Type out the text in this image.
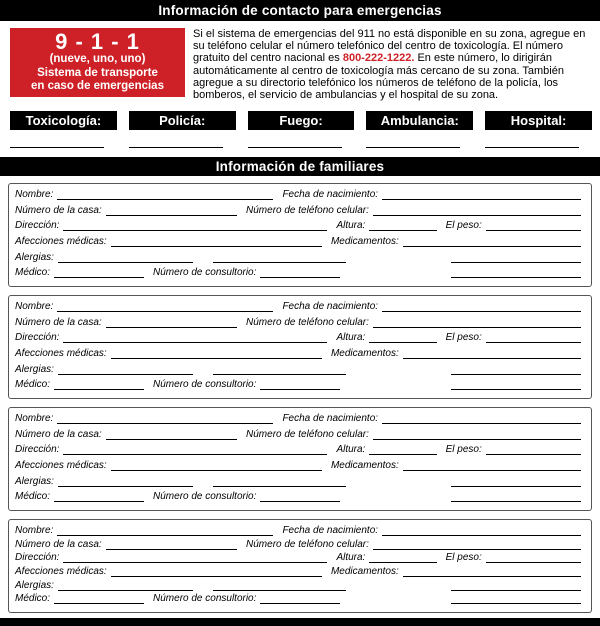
Información de contacto para emergencias
9 - 1 - 1
(nueve, uno, uno)
Sistema de transporte
en caso de emergencias

Si el sistema de emergencias del 911 no está disponible en su zona, agregue en su teléfono celular el número telefónico del centro de toxicología. El número gratuito del centro nacional es 800-222-1222. En este número, lo dirigirán automáticamente al centro de toxicología más cercano de su zona. También agregue a su directorio telefónico los números de teléfono de la policía, los bomberos, el servicio de ambulancias y el hospital de su zona.

Toxicología:	Policía:	Fuego:	Ambulancia:	Hospital:
Información de familiares
Nombre:	Fecha de nacimiento:
Número de la casa:	Número de teléfono celular:
Dirección:	Altura:	El peso:
Afecciones médicas:	Medicamentos:
Alergias:
Médico:	Número de consultorio:
Nombre:	Fecha de nacimiento:
Número de la casa:	Número de teléfono celular:
Dirección:	Altura:	El peso:
Afecciones médicas:	Medicamentos:
Alergias:
Médico:	Número de consultorio:
Nombre:	Fecha de nacimiento:
Número de la casa:	Número de teléfono celular:
Dirección:	Altura:	El peso:
Afecciones médicas:	Medicamentos:
Alergias:
Médico:	Número de consultorio:
Nombre:	Fecha de nacimiento:
Número de la casa:	Número de teléfono celular:
Dirección:	Altura:	El peso:
Afecciones médicas:	Medicamentos:
Alergias:
Médico:	Número de consultorio:
